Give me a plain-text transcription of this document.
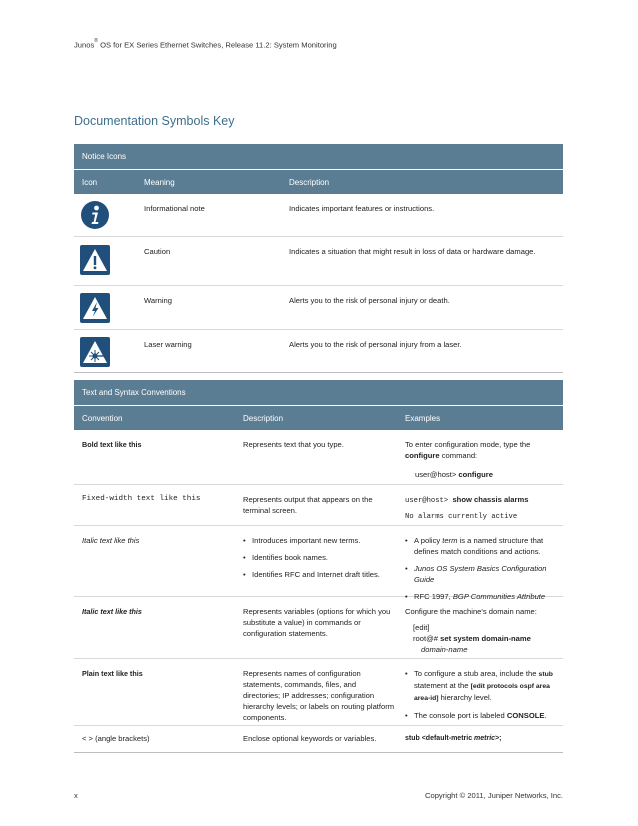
Junos® OS for EX Series Ethernet Switches, Release 11.2: System Monitoring
Documentation Symbols Key
Notice Icons
Icon	Meaning	Description
Informational note	Indicates important features or instructions.
Caution	Indicates a situation that might result in loss of data or hardware damage.
Warning	Alerts you to the risk of personal injury or death.
Laser warning	Alerts you to the risk of personal injury from a laser.
Text and Syntax Conventions
Convention	Description	Examples
Bold text like this	Represents text that you type.	To enter configuration mode, type the configure command:
user@host> configure
Fixed-width text like this	Represents output that appears on the terminal screen.
user@host> show chassis alarms
No alarms currently active
Italic text like this
•	Introduces important new terms.
• Identifies book names.
• Identifies RFC and Internet draft titles.
• A policy term is a named structure that defines match conditions and actions.
• Junos OS System Basics Configuration Guide
• RFC 1997, BGP Communities Attribute
Italic text like this	Represents variables (options for which you substitute a value) in commands or configuration statements.
Configure the machine's domain name:
[edit]
root@# set system domain-name
domain-name
Plain text like this	Represents names of configuration statements, commands, files, and directories; IP addresses; configuration hierarchy levels; or labels on routing platform components.
• To configure a stub area, include the stub statement at the [edit protocols ospf area area-id] hierarchy level.
• The console port is labeled CONSOLE.
< > (angle brackets)	Enclose optional keywords or variables.	stub <default-metric metric>;
x	Copyright © 2011, Juniper Networks, Inc.
